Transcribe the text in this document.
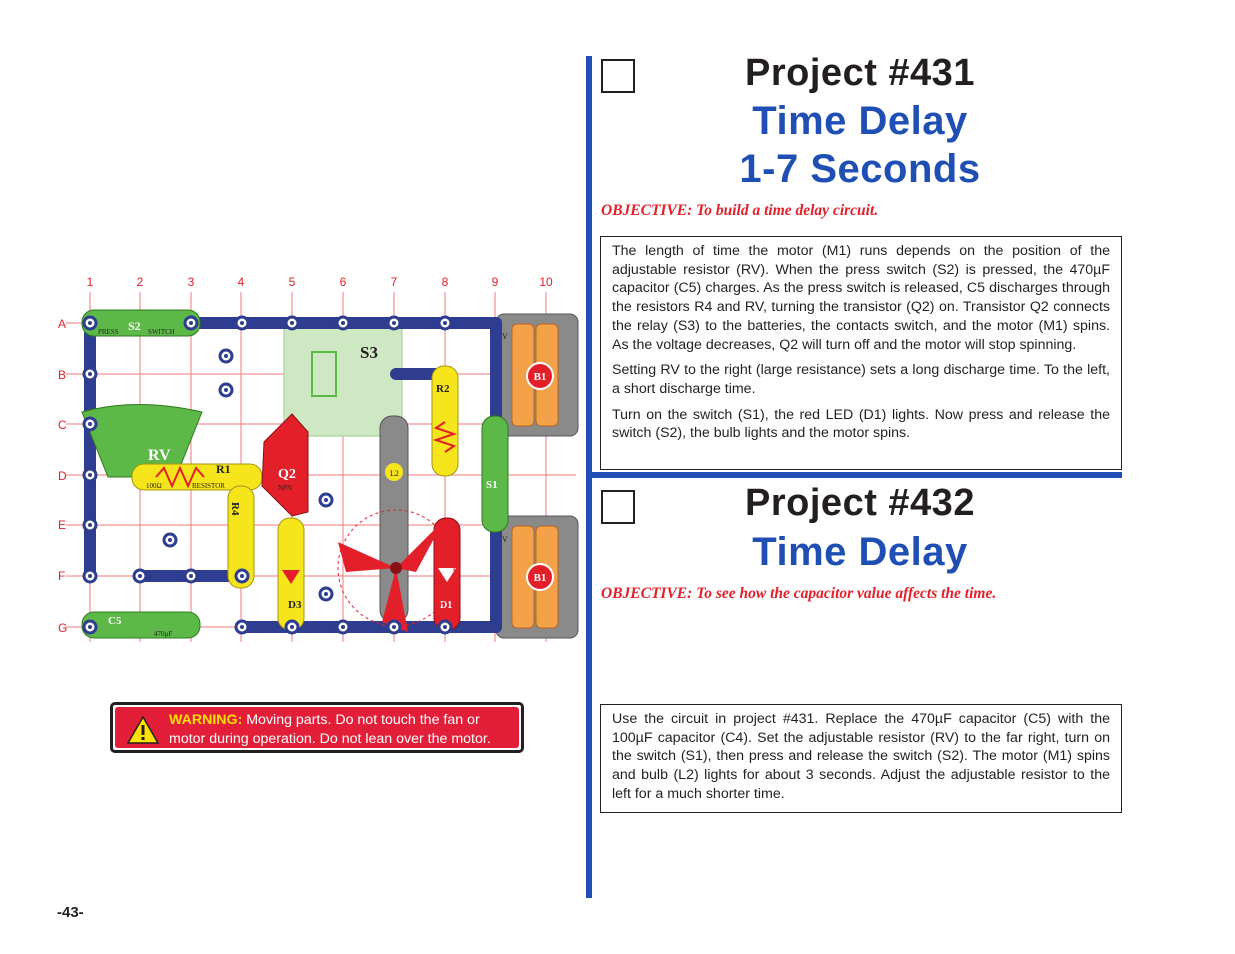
Project #431
Time Delay
1-7 Seconds
OBJECTIVE: To build a time delay circuit.

The length of time the motor (M1) runs depends on the position of the adjustable resistor (RV). When the press switch (S2) is pressed, the 470µF capacitor (C5) charges. As the press switch is released, C5 discharges through the resistors R4 and RV, turning the transistor (Q2) on. Transistor Q2 connects the relay (S3) to the batteries, the contacts switch, and the motor (M1) spins. As the voltage decreases, Q2 will turn off and the motor will stop spinning.

Setting RV to the right (large resistance) sets a long discharge time. To the left, a short discharge time.

Turn on the switch (S1), the red LED (D1) lights. Now press and release the switch (S2), the bulb lights and the motor spins.

Project #432
Time Delay
OBJECTIVE: To see how the capacitor value affects the time.

Use the circuit in project #431. Replace the 470µF capacitor (C5) with the 100µF capacitor (C4). Set the adjustable resistor (RV) to the far right, turn on the switch (S1), then press and release the switch (S2). The motor (M1) spins and bulb (L2) lights for about 3 seconds. Adjust the adjustable resistor to the left for a much shorter time.

WARNING: Moving parts. Do not touch the fan or motor during operation. Do not lean over the motor.
-43-
1	2	3	4	5	6	7	8	9	10
A
B
C
D
E
F
G
S3
B1
3V
B1
3V
S2
PRESS	SWITCH
RV
R1
100Ω	RESISTOR
Q2
NPN
R4
D3
L2
R2
D1
S1
C5
470µF
